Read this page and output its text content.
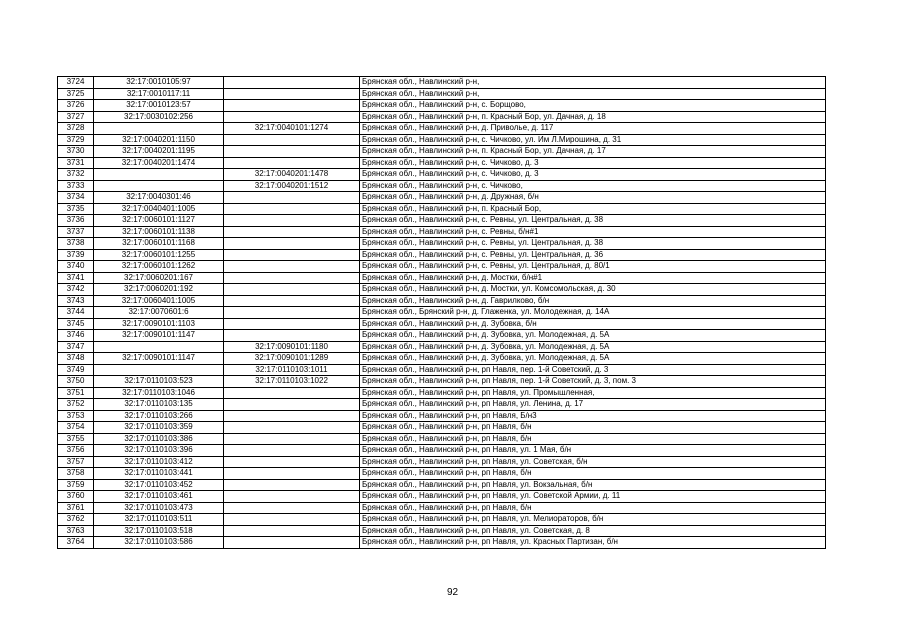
3724	32:17:0010105:97		Брянская обл., Навлинский р-н,
3725	32:17:0010117:11		Брянская обл., Навлинский р-н,
3726	32:17:0010123:57		Брянская обл., Навлинский р-н, с. Борщово,
3727	32:17:0030102:256		Брянская обл., Навлинский р-н, п. Красный Бор, ул. Дачная, д. 18
3728		32:17:0040101:1274	Брянская обл., Навлинский р-н, д. Приволье, д. 117
3729	32:17:0040201:1150		Брянская обл., Навлинский р-н, с. Чичково, ул. Им Л.Мирошина, д. 31
3730	32:17:0040201:1195		Брянская обл., Навлинский р-н, п. Красный Бор, ул. Дачная, д. 17
3731	32:17:0040201:1474		Брянская обл., Навлинский р-н, с. Чичково, д. 3
3732		32:17:0040201:1478	Брянская обл., Навлинский р-н, с. Чичково, д. 3
3733		32:17:0040201:1512	Брянская обл., Навлинский р-н, с. Чичково,
3734	32:17:0040301:46		Брянская обл., Навлинский р-н, д. Дружная, б/н
3735	32:17:0040401:1005		Брянская обл., Навлинский р-н, п. Красный Бор,
3736	32:17:0060101:1127		Брянская обл., Навлинский р-н, с. Ревны, ул. Центральная, д. 38
3737	32:17:0060101:1138		Брянская обл., Навлинский р-н, с. Ревны, б/н#1
3738	32:17:0060101:1168		Брянская обл., Навлинский р-н, с. Ревны, ул. Центральная, д. 38
3739	32:17:0060101:1255		Брянская обл., Навлинский р-н, с. Ревны, ул. Центральная, д. 36
3740	32:17:0060101:1262		Брянская обл., Навлинский р-н, с. Ревны, ул. Центральная, д. 80/1
3741	32:17:0060201:167		Брянская обл., Навлинский р-н, д. Мостки, б/н#1
3742	32:17:0060201:192		Брянская обл., Навлинский р-н, д. Мостки, ул. Комсомольская, д. 30
3743	32:17:0060401:1005		Брянская обл., Навлинский р-н, д. Гаврилково, б/н
3744	32:17:0070601:6		Брянская обл., Брянский р-н, д. Глаженка, ул. Молодежная, д. 14А
3745	32:17:0090101:1103		Брянская обл., Навлинский р-н, д. Зубовка, б/н
3746	32:17:0090101:1147		Брянская обл., Навлинский р-н, д. Зубовка, ул. Молодежная, д. 5А
3747		32:17:0090101:1180	Брянская обл., Навлинский р-н, д. Зубовка, ул. Молодежная, д. 5А
3748	32:17:0090101:1147	32:17:0090101:1289	Брянская обл., Навлинский р-н, д. Зубовка, ул. Молодежная, д. 5А
3749		32:17:0110103:1011	Брянская обл., Навлинский р-н, рп Навля, пер. 1-й Советский, д. 3
3750	32:17:0110103:523	32:17:0110103:1022	Брянская обл., Навлинский р-н, рп Навля, пер. 1-й Советский, д. 3, пом. 3
3751	32:17:0110103:1046		Брянская обл., Навлинский р-н, рп Навля, ул. Промышленная,
3752	32:17:0110103:135		Брянская обл., Навлинский р-н, рп Навля, ул. Ленина, д. 17
3753	32:17:0110103:266		Брянская обл., Навлинский р-н, рп Навля, Б/н3
3754	32:17:0110103:359		Брянская обл., Навлинский р-н, рп Навля, б/н
3755	32:17:0110103:386		Брянская обл., Навлинский р-н, рп Навля, б/н
3756	32:17:0110103:396		Брянская обл., Навлинский р-н, рп Навля, ул. 1 Мая, б/н
3757	32:17:0110103:412		Брянская обл., Навлинский р-н, рп Навля, ул. Советская, б/н
3758	32:17:0110103:441		Брянская обл., Навлинский р-н, рп Навля, б/н
3759	32:17:0110103:452		Брянская обл., Навлинский р-н, рп Навля, ул. Вокзальная, б/н
3760	32:17:0110103:461		Брянская обл., Навлинский р-н, рп Навля, ул. Советской Армии, д. 11
3761	32:17:0110103:473		Брянская обл., Навлинский р-н, рп Навля, б/н
3762	32:17:0110103:511		Брянская обл., Навлинский р-н, рп Навля, ул. Мелиораторов, б/н
3763	32:17:0110103:518		Брянская обл., Навлинский р-н, рп Навля, ул. Советская, д. 8
3764	32:17:0110103:586		Брянская обл., Навлинский р-н, рп Навля, ул. Красных Партизан, б/н
92
